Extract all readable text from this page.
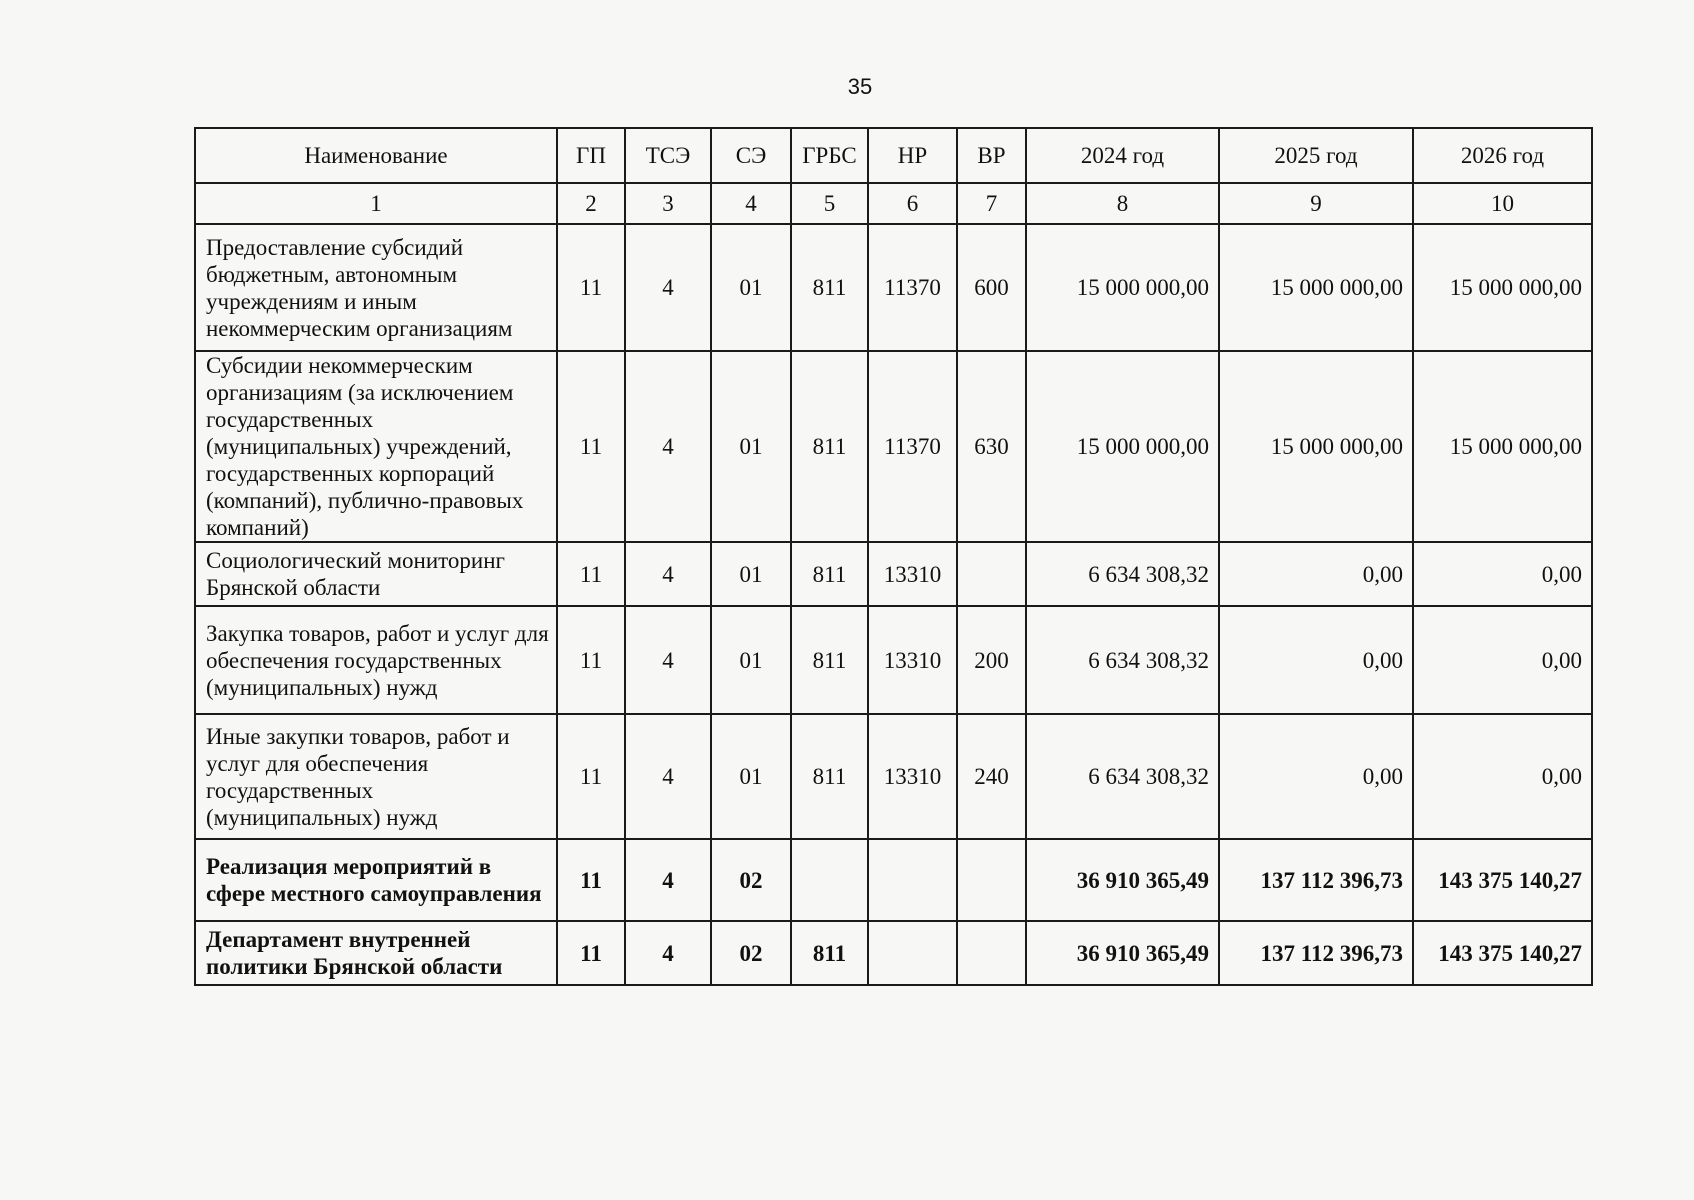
35
Наименование	ГП	ТСЭ	СЭ	ГРБС	НР	ВР	2024 год	2025 год	2026 год
1	2	3	4	5	6	7	8	9	10
Предоставление субсидий бюджетным, автономным учреждениям и иным некоммерческим организациям	11	4	01	811	11370	600	15 000 000,00	15 000 000,00	15 000 000,00
Субсидии некоммерческим организациям (за исключением государственных (муниципальных) учреждений, государственных корпораций (компаний), публично-правовых компаний)	11	4	01	811	11370	630	15 000 000,00	15 000 000,00	15 000 000,00
Социологический мониторинг Брянской области	11	4	01	811	13310		6 634 308,32	0,00	0,00
Закупка товаров, работ и услуг для обеспечения государственных (муниципальных) нужд	11	4	01	811	13310	200	6 634 308,32	0,00	0,00
Иные закупки товаров, работ и услуг для обеспечения государственных (муниципальных) нужд	11	4	01	811	13310	240	6 634 308,32	0,00	0,00
Реализация мероприятий в сфере местного самоуправления	11	4	02				36 910 365,49	137 112 396,73	143 375 140,27
Департамент внутренней политики Брянской области	11	4	02	811			36 910 365,49	137 112 396,73	143 375 140,27
